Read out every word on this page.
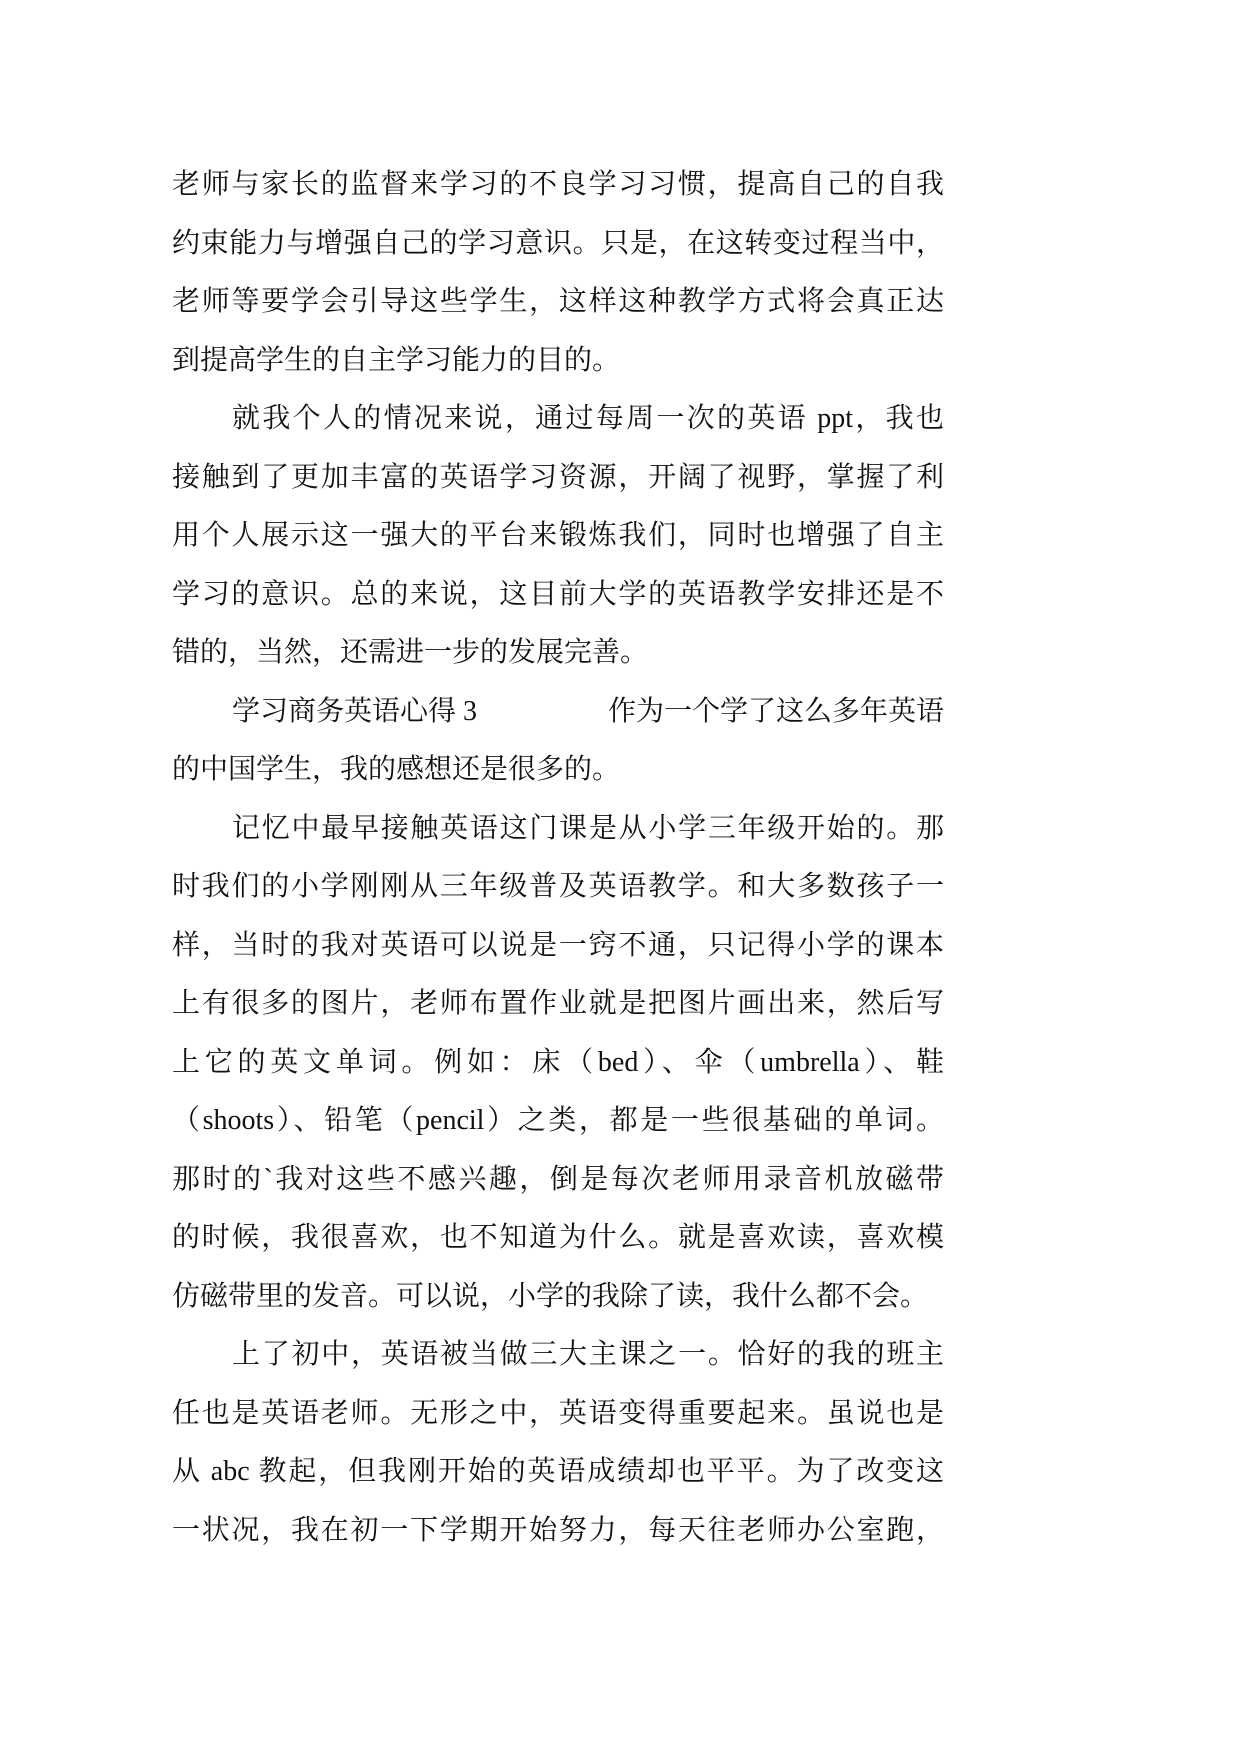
老师与家长的监督来学习的不良学习习惯，提高自己的自我
约束能力与增强自己的学习意识。只是，在这转变过程当中，
老师等要学会引导这些学生，这样这种教学方式将会真正达
到提高学生的自主学习能力的目的。
就我个人的情况来说，通过每周一次的英语 ppt，我也
接触到了更加丰富的英语学习资源，开阔了视野，掌握了利
用个人展示这一强大的平台来锻炼我们，同时也增强了自主
学习的意识。总的来说，这目前大学的英语教学安排还是不
错的，当然，还需进一步的发展完善。
学习商务英语心得 3	作为一个学了这么多年英语
的中国学生，我的感想还是很多的。
记忆中最早接触英语这门课是从小学三年级开始的。那
时我们的小学刚刚从三年级普及英语教学。和大多数孩子一
样，当时的我对英语可以说是一窍不通，只记得小学的课本
上有很多的图片，老师布置作业就是把图片画出来，然后写
上它的英文单词。例如：床（bed）、伞（umbrella）、鞋
（shoots）、铅笔（pencil）之类，都是一些很基础的单词。
那时的`我对这些不感兴趣，倒是每次老师用录音机放磁带
的时候，我很喜欢，也不知道为什么。就是喜欢读，喜欢模
仿磁带里的发音。可以说，小学的我除了读，我什么都不会。
上了初中，英语被当做三大主课之一。恰好的我的班主
任也是英语老师。无形之中，英语变得重要起来。虽说也是
从 abc 教起，但我刚开始的英语成绩却也平平。为了改变这
一状况，我在初一下学期开始努力，每天往老师办公室跑，
